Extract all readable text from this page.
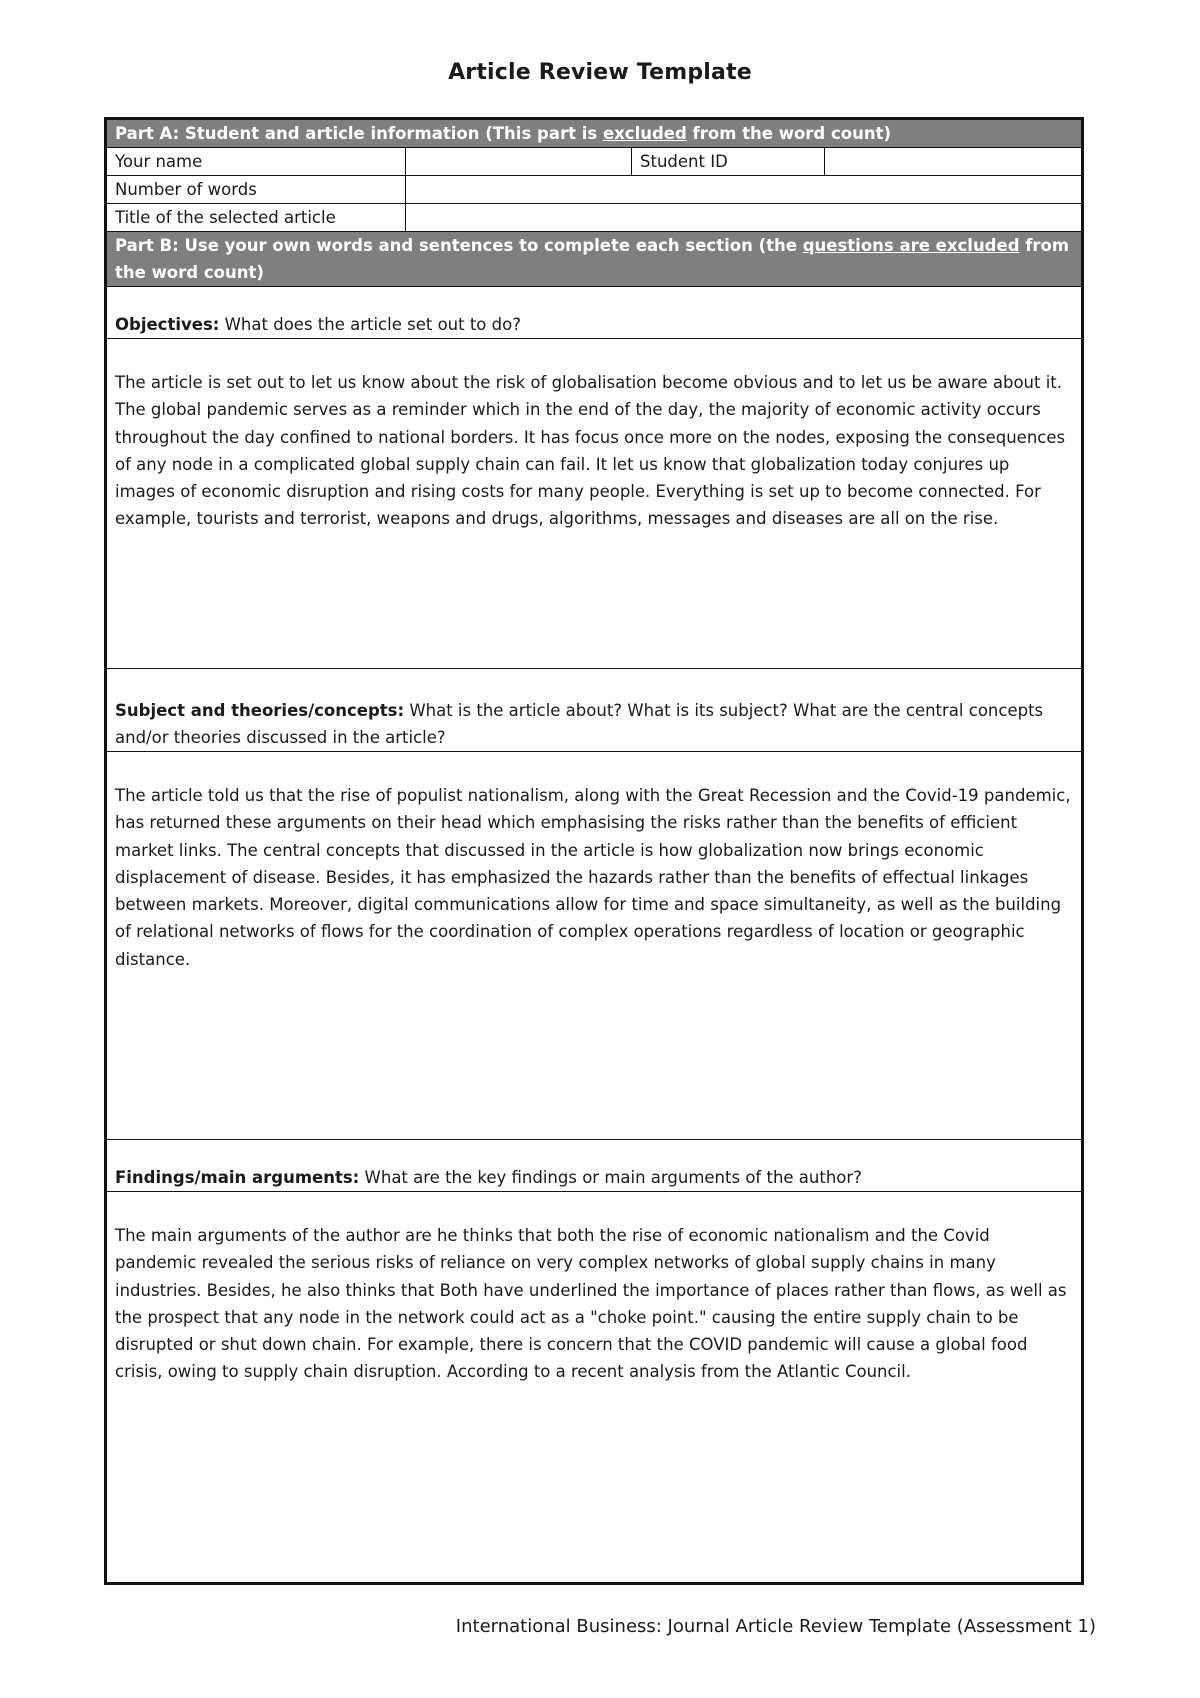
Article Review Template
Part A: Student and article information (This part is excluded from the word count)
Your name	Student ID
Number of words
Title of the selected article
Part B: Use your own words and sentences to complete each section (the questions are excluded from the word count)
Objectives: What does the article set out to do?
The article is set out to let us know about the risk of globalisation become obvious and to let us be aware about it. The global pandemic serves as a reminder which in the end of the day, the majority of economic activity occurs throughout the day confined to national borders. It has focus once more on the nodes, exposing the consequences of any node in a complicated global supply chain can fail. It let us know that globalization today conjures up images of economic disruption and rising costs for many people. Everything is set up to become connected. For example, tourists and terrorist, weapons and drugs, algorithms, messages and diseases are all on the rise.
Subject and theories/concepts: What is the article about? What is its subject? What are the central concepts and/or theories discussed in the article?
The article told us that the rise of populist nationalism, along with the Great Recession and the Covid-19 pandemic, has returned these arguments on their head which emphasising the risks rather than the benefits of efficient market links. The central concepts that discussed in the article is how globalization now brings economic displacement of disease. Besides, it has emphasized the hazards rather than the benefits of effectual linkages between markets. Moreover, digital communications allow for time and space simultaneity, as well as the building of relational networks of flows for the coordination of complex operations regardless of location or geographic distance.
Findings/main arguments: What are the key findings or main arguments of the author?
The main arguments of the author are he thinks that both the rise of economic nationalism and the Covid pandemic revealed the serious risks of reliance on very complex networks of global supply chains in many industries. Besides, he also thinks that Both have underlined the importance of places rather than flows, as well as the prospect that any node in the network could act as a "choke point." causing the entire supply chain to be disrupted or shut down chain. For example, there is concern that the COVID pandemic will cause a global food crisis, owing to supply chain disruption. According to a recent analysis from the Atlantic Council.
International Business: Journal Article Review Template (Assessment 1)
